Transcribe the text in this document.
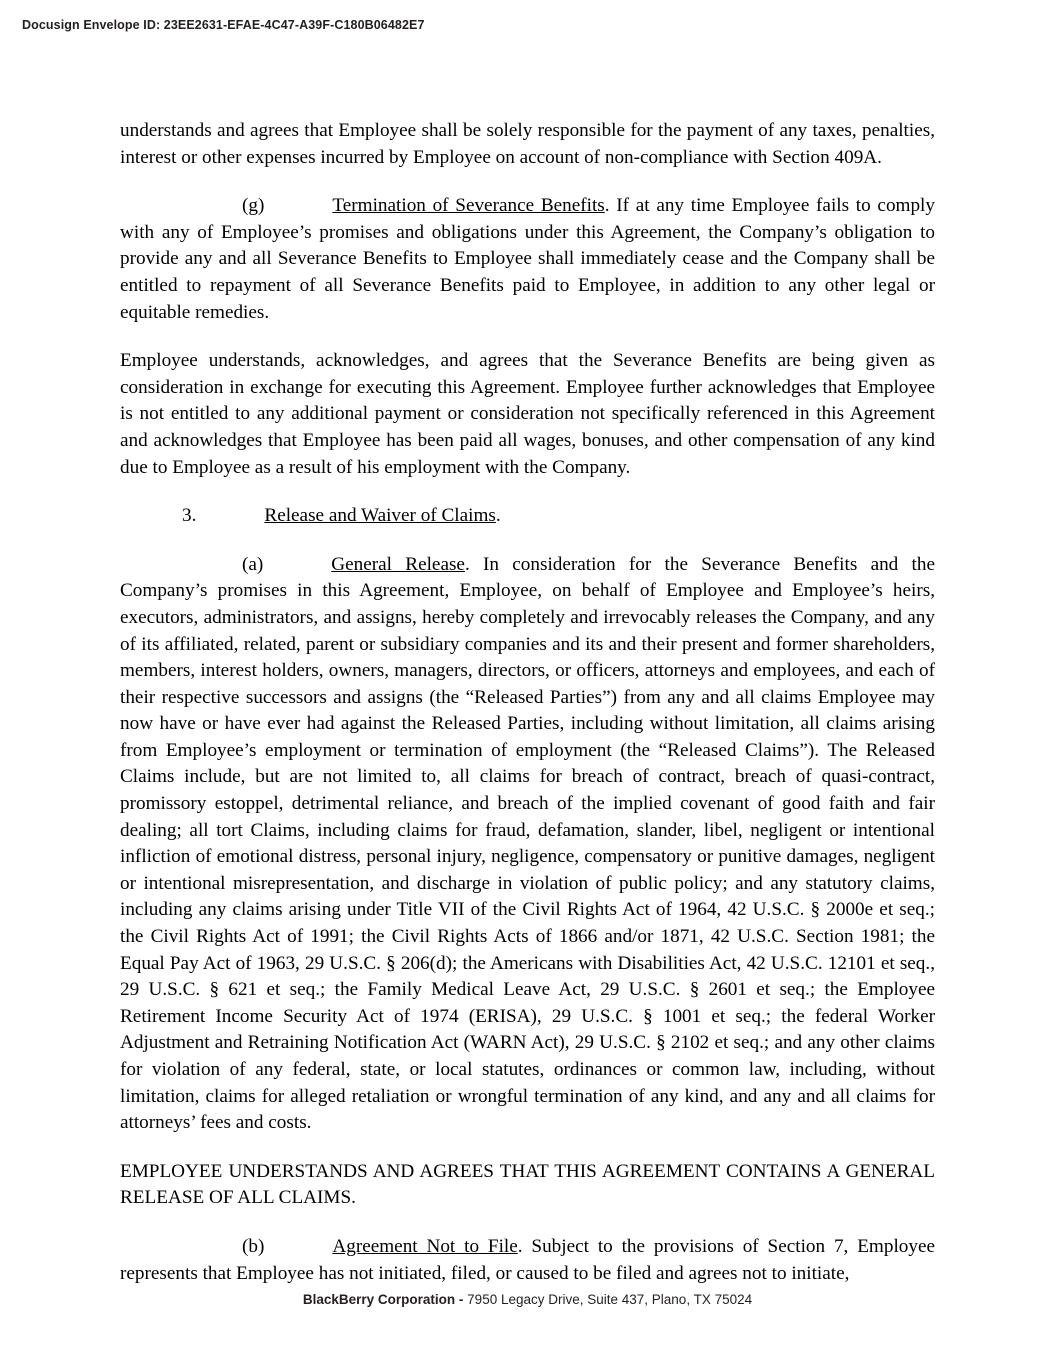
Docusign Envelope ID: 23EE2631-EFAE-4C47-A39F-C180B06482E7

understands and agrees that Employee shall be solely responsible for the payment of any taxes, penalties, interest or other expenses incurred by Employee on account of non-compliance with Section 409A.

(g)	Termination of Severance Benefits. If at any time Employee fails to comply with any of Employee’s promises and obligations under this Agreement, the Company’s obligation to provide any and all Severance Benefits to Employee shall immediately cease and the Company shall be entitled to repayment of all Severance Benefits paid to Employee, in addition to any other legal or equitable remedies.

Employee understands, acknowledges, and agrees that the Severance Benefits are being given as consideration in exchange for executing this Agreement. Employee further acknowledges that Employee is not entitled to any additional payment or consideration not specifically referenced in this Agreement and acknowledges that Employee has been paid all wages, bonuses, and other compensation of any kind due to Employee as a result of his employment with the Company.

3.	Release and Waiver of Claims.

(a)	General Release. In consideration for the Severance Benefits and the Company’s promises in this Agreement, Employee, on behalf of Employee and Employee’s heirs, executors, administrators, and assigns, hereby completely and irrevocably releases the Company, and any of its affiliated, related, parent or subsidiary companies and its and their present and former shareholders, members, interest holders, owners, managers, directors, or officers, attorneys and employees, and each of their respective successors and assigns (the “Released Parties”) from any and all claims Employee may now have or have ever had against the Released Parties, including without limitation, all claims arising from Employee’s employment or termination of employment (the “Released Claims”). The Released Claims include, but are not limited to, all claims for breach of contract, breach of quasi-contract, promissory estoppel, detrimental reliance, and breach of the implied covenant of good faith and fair dealing; all tort Claims, including claims for fraud, defamation, slander, libel, negligent or intentional infliction of emotional distress, personal injury, negligence, compensatory or punitive damages, negligent or intentional misrepresentation, and discharge in violation of public policy; and any statutory claims, including any claims arising under Title VII of the Civil Rights Act of 1964, 42 U.S.C. § 2000e et seq.; the Civil Rights Act of 1991; the Civil Rights Acts of 1866 and/or 1871, 42 U.S.C. Section 1981; the Equal Pay Act of 1963, 29 U.S.C. § 206(d); the Americans with Disabilities Act, 42 U.S.C. 12101 et seq., 29 U.S.C. § 621 et seq.; the Family Medical Leave Act, 29 U.S.C. § 2601 et seq.; the Employee Retirement Income Security Act of 1974 (ERISA), 29 U.S.C. § 1001 et seq.; the federal Worker Adjustment and Retraining Notification Act (WARN Act), 29 U.S.C. § 2102 et seq.; and any other claims for violation of any federal, state, or local statutes, ordinances or common law, including, without limitation, claims for alleged retaliation or wrongful termination of any kind, and any and all claims for attorneys’ fees and costs.

EMPLOYEE UNDERSTANDS AND AGREES THAT THIS AGREEMENT CONTAINS A GENERAL RELEASE OF ALL CLAIMS.

(b)	Agreement Not to File. Subject to the provisions of Section 7, Employee represents that Employee has not initiated, filed, or caused to be filed and agrees not to initiate,

BlackBerry Corporation - 7950 Legacy Drive, Suite 437, Plano, TX 75024
